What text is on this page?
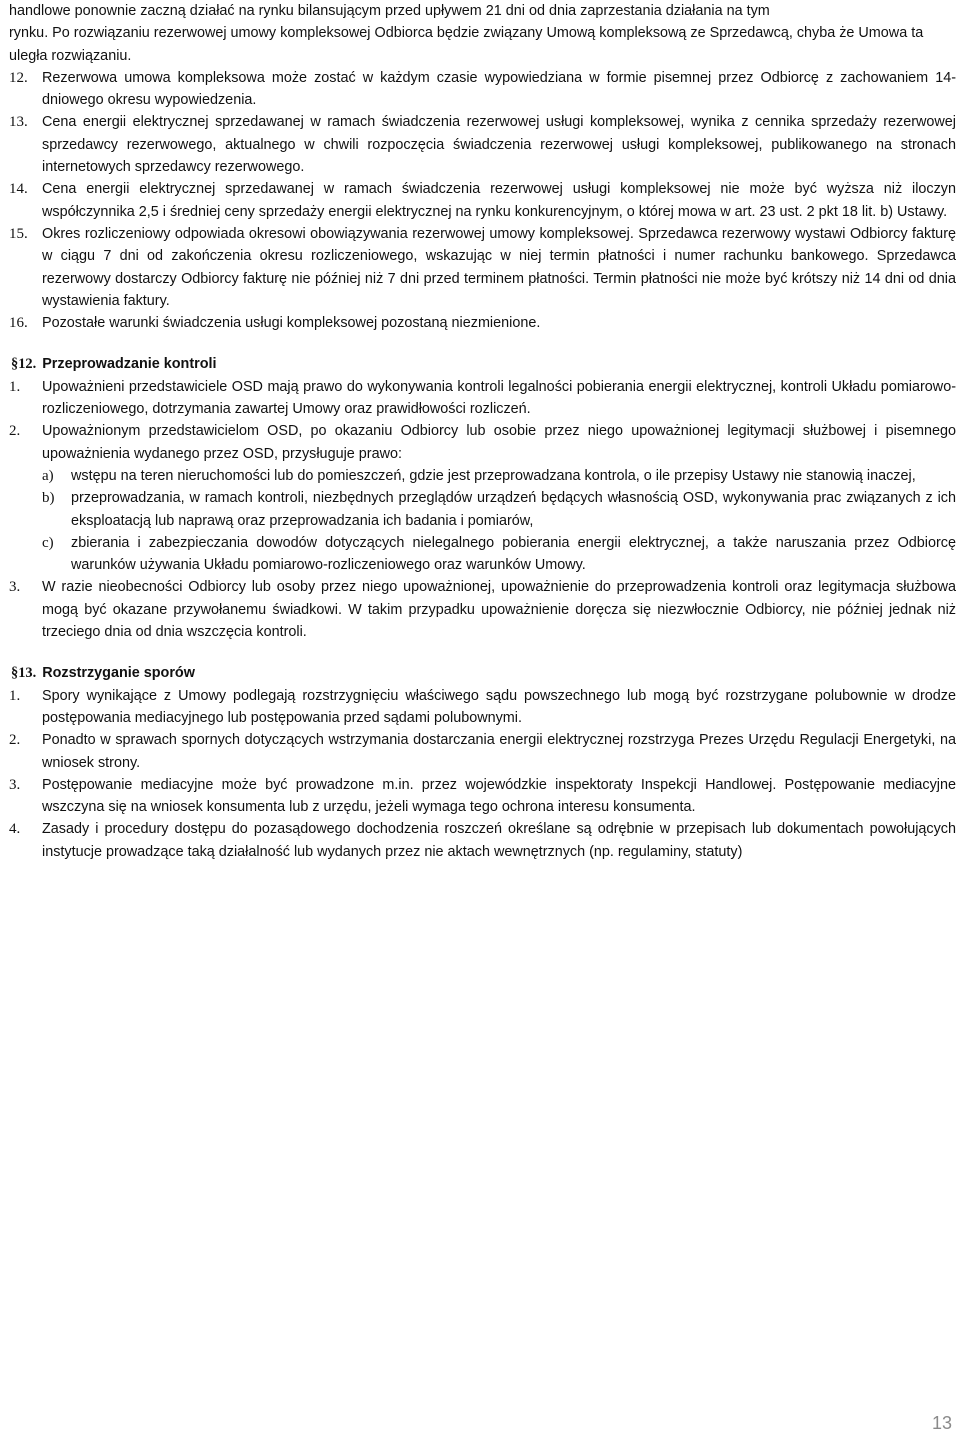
handlowe ponownie zaczną działać na rynku bilansującym przed upływem 21 dni od dnia zaprzestania działania na tym

rynku. Po rozwiązaniu rezerwowej umowy kompleksowej Odbiorca będzie związany Umową kompleksową ze Sprzedawcą, chyba że Umowa ta uległa rozwiązaniu.

12. Rezerwowa umowa kompleksowa może zostać w każdym czasie wypowiedziana w formie pisemnej przez Odbiorcę z zachowaniem 14-dniowego okresu wypowiedzenia.
13. Cena energii elektrycznej sprzedawanej w ramach świadczenia rezerwowej usługi kompleksowej, wynika z cennika sprzedaży rezerwowej sprzedawcy rezerwowego, aktualnego w chwili rozpoczęcia świadczenia rezerwowej usługi kompleksowej, publikowanego na stronach internetowych sprzedawcy rezerwowego.
14. Cena energii elektrycznej sprzedawanej w ramach świadczenia rezerwowej usługi kompleksowej nie może być wyższa niż iloczyn współczynnika 2,5 i średniej ceny sprzedaży energii elektrycznej na rynku konkurencyjnym, o której mowa w art. 23 ust. 2 pkt 18 lit. b) Ustawy.
15. Okres rozliczeniowy odpowiada okresowi obowiązywania rezerwowej umowy kompleksowej. Sprzedawca rezerwowy wystawi Odbiorcy fakturę w ciągu 7 dni od zakończenia okresu rozliczeniowego, wskazując w niej termin płatności i numer rachunku bankowego. Sprzedawca rezerwowy dostarczy Odbiorcy fakturę nie później niż 7 dni przed terminem płatności. Termin płatności nie może być krótszy niż 14 dni od dnia wystawienia faktury.
16. Pozostałe warunki świadczenia usługi kompleksowej pozostaną niezmienione.
§12. Przeprowadzanie kontroli
1. Upoważnieni przedstawiciele OSD mają prawo do wykonywania kontroli legalności pobierania energii elektrycznej, kontroli Układu pomiarowo-rozliczeniowego, dotrzymania zawartej Umowy oraz prawidłowości rozliczeń.
2. Upoważnionym przedstawicielom OSD, po okazaniu Odbiorcy lub osobie przez niego upoważnionej legitymacji służbowej i pisemnego upoważnienia wydanego przez OSD, przysługuje prawo:
a) wstępu na teren nieruchomości lub do pomieszczeń, gdzie jest przeprowadzana kontrola, o ile przepisy Ustawy nie stanowią inaczej,
b) przeprowadzania, w ramach kontroli, niezbędnych przeglądów urządzeń będących własnością OSD, wykonywania prac związanych z ich eksploatacją lub naprawą oraz przeprowadzania ich badania i pomiarów,
c) zbierania i zabezpieczania dowodów dotyczących nielegalnego pobierania energii elektrycznej, a także naruszania przez Odbiorcę warunków używania Układu pomiarowo-rozliczeniowego oraz warunków Umowy.
3. W razie nieobecności Odbiorcy lub osoby przez niego upoważnionej, upoważnienie do przeprowadzenia kontroli oraz legitymacja służbowa mogą być okazane przywołanemu świadkowi. W takim przypadku upoważnienie doręcza się niezwłocznie Odbiorcy, nie później jednak niż trzeciego dnia od dnia wszczęcia kontroli.
§13. Rozstrzyganie sporów
1. Spory wynikające z Umowy podlegają rozstrzygnięciu właściwego sądu powszechnego lub mogą być rozstrzygane polubownie w drodze postępowania mediacyjnego lub postępowania przed sądami polubownymi.
2. Ponadto w sprawach spornych dotyczących wstrzymania dostarczania energii elektrycznej rozstrzyga Prezes Urzędu Regulacji Energetyki, na wniosek strony.
3. Postępowanie mediacyjne może być prowadzone m.in. przez wojewódzkie inspektoraty Inspekcji Handlowej. Postępowanie mediacyjne wszczyna się na wniosek konsumenta lub z urzędu, jeżeli wymaga tego ochrona interesu konsumenta.
4. Zasady i procedury dostępu do pozasądowego dochodzenia roszczeń określane są odrębnie w przepisach lub dokumentach powołujących instytucje prowadzące taką działalność lub wydanych przez nie aktach wewnętrznych (np. regulaminy, statuty)
13
